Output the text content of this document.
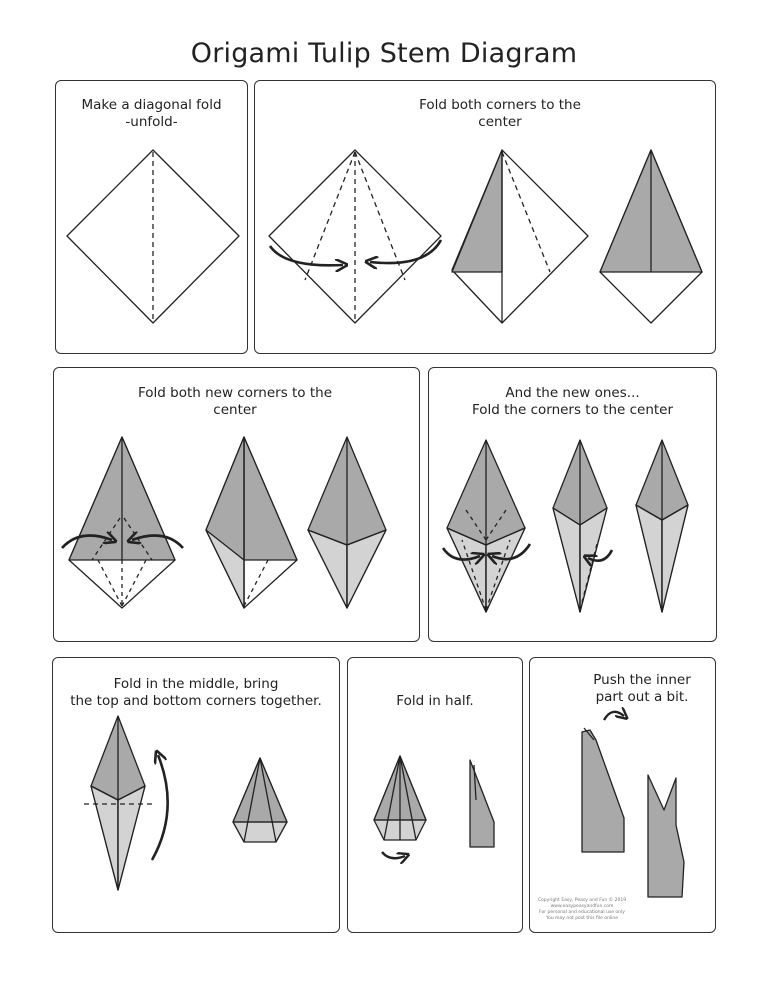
Origami Tulip Stem Diagram
Make a diagonal fold
-unfold-
Fold both corners to the
center
Fold both new corners to the
center
And the new ones...
Fold the corners to the center
Fold in the middle, bring
the top and bottom corners together.	Fold in half.
Push the inner
part out a bit.
Copyright Easy, Peasy and Fun © 2019
www.easypeasyandfun.com
For personal and educational use only
You may not post this file online
